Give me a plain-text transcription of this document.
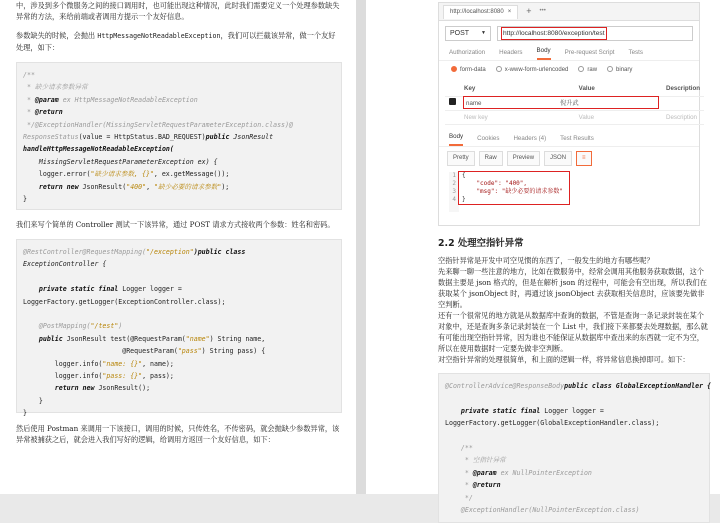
中，涉及到多个微服务之间的接口调用时，也可能出现这种情况，此时我们需要定义一个处理参数缺失异常的方法，来给前端或者调用方提示一个友好信息。

参数缺失的时候，会抛出 HttpMessageNotReadableException，我们可以拦截该异常，做一个友好处理，如下：

/**
* 缺少请求参数异常
* @param ex HttpMessageNotReadableException
* @return
*/@ExceptionHandler(MissingServletRequestParameterException.class)@
ResponseStatus(value = HttpStatus.BAD_REQUEST)public JsonResult
handleHttpMessageNotReadableException(
MissingServletRequestParameterException ex) {
logger.error("缺少请求参数, {}", ex.getMessage());
return new JsonResult("400", "缺少必要的请求参数");
}

我们来写个简单的 Controller 测试一下该异常，通过 POST 请求方式接收两个参数：姓名和密码。

@RestController@RequestMapping("/exception")public class
ExceptionController {

private static final Logger logger =
LoggerFactory.getLogger(ExceptionController.class);

@PostMapping("/test")
public JsonResult test(@RequestParam("name") String name,
@RequestParam("pass") String pass) {
logger.info("name: {}", name);
logger.info("pass: {}", pass);
return new JsonResult();
}
}

然后使用 Postman 来调用一下该接口，调用的时候，只传姓名，不传密码，就会抛缺少参数异常，该异常被捕获之后，就会进入我们写好的逻辑，给调用方返回一个友好信息，如下：

http://localhost:8080 × + •••
POST ▼	http://localhost:8080/exception/test
Authorization Headers Body Pre-request Script Tests
form-data	x-www-form-urlencoded	raw	binary
	Key	Value	Description
	name 倪升武		
	New key	Value	Description
Body Cookies Headers (4) Test Results
Pretty	Raw	Preview	JSON	≡
1
2
3
4
{
"code": "400",
"msg": "缺少必要的请求参数"
}
2.2 处理空指针异常

空指针异常是开发中司空见惯的东西了，一般发生的地方有哪些呢？

先来聊一聊一些注意的地方，比如在微服务中，经常会调用其他服务获取数据，这个数据主要是 json 格式的，但是在解析 json 的过程中，可能会有空出现，所以我们在获取某个 jsonObject 时，再通过该 jsonObject 去获取相关信息时，应该要先做非空判断。

还有一个很常见的地方就是从数据库中查询的数据，不管是查询一条记录封装在某个对象中，还是查询多条记录封装在一个 List 中，我们接下来都要去处理数据，那么就有可能出现空指针异常，因为谁也不能保证从数据库中查出来的东西就一定不为空，所以在使用数据时一定要先做非空判断。

对空指针异常的处理很简单，和上面的逻辑一样，将异常信息换掉即可。如下：

@ControllerAdvice@ResponseBodypublic class GlobalExceptionHandler {

private static final Logger logger =
LoggerFactory.getLogger(GlobalExceptionHandler.class);

/**
* 空指针异常
* @param ex NullPointerException
* @return
*/
@ExceptionHandler(NullPointerException.class)
